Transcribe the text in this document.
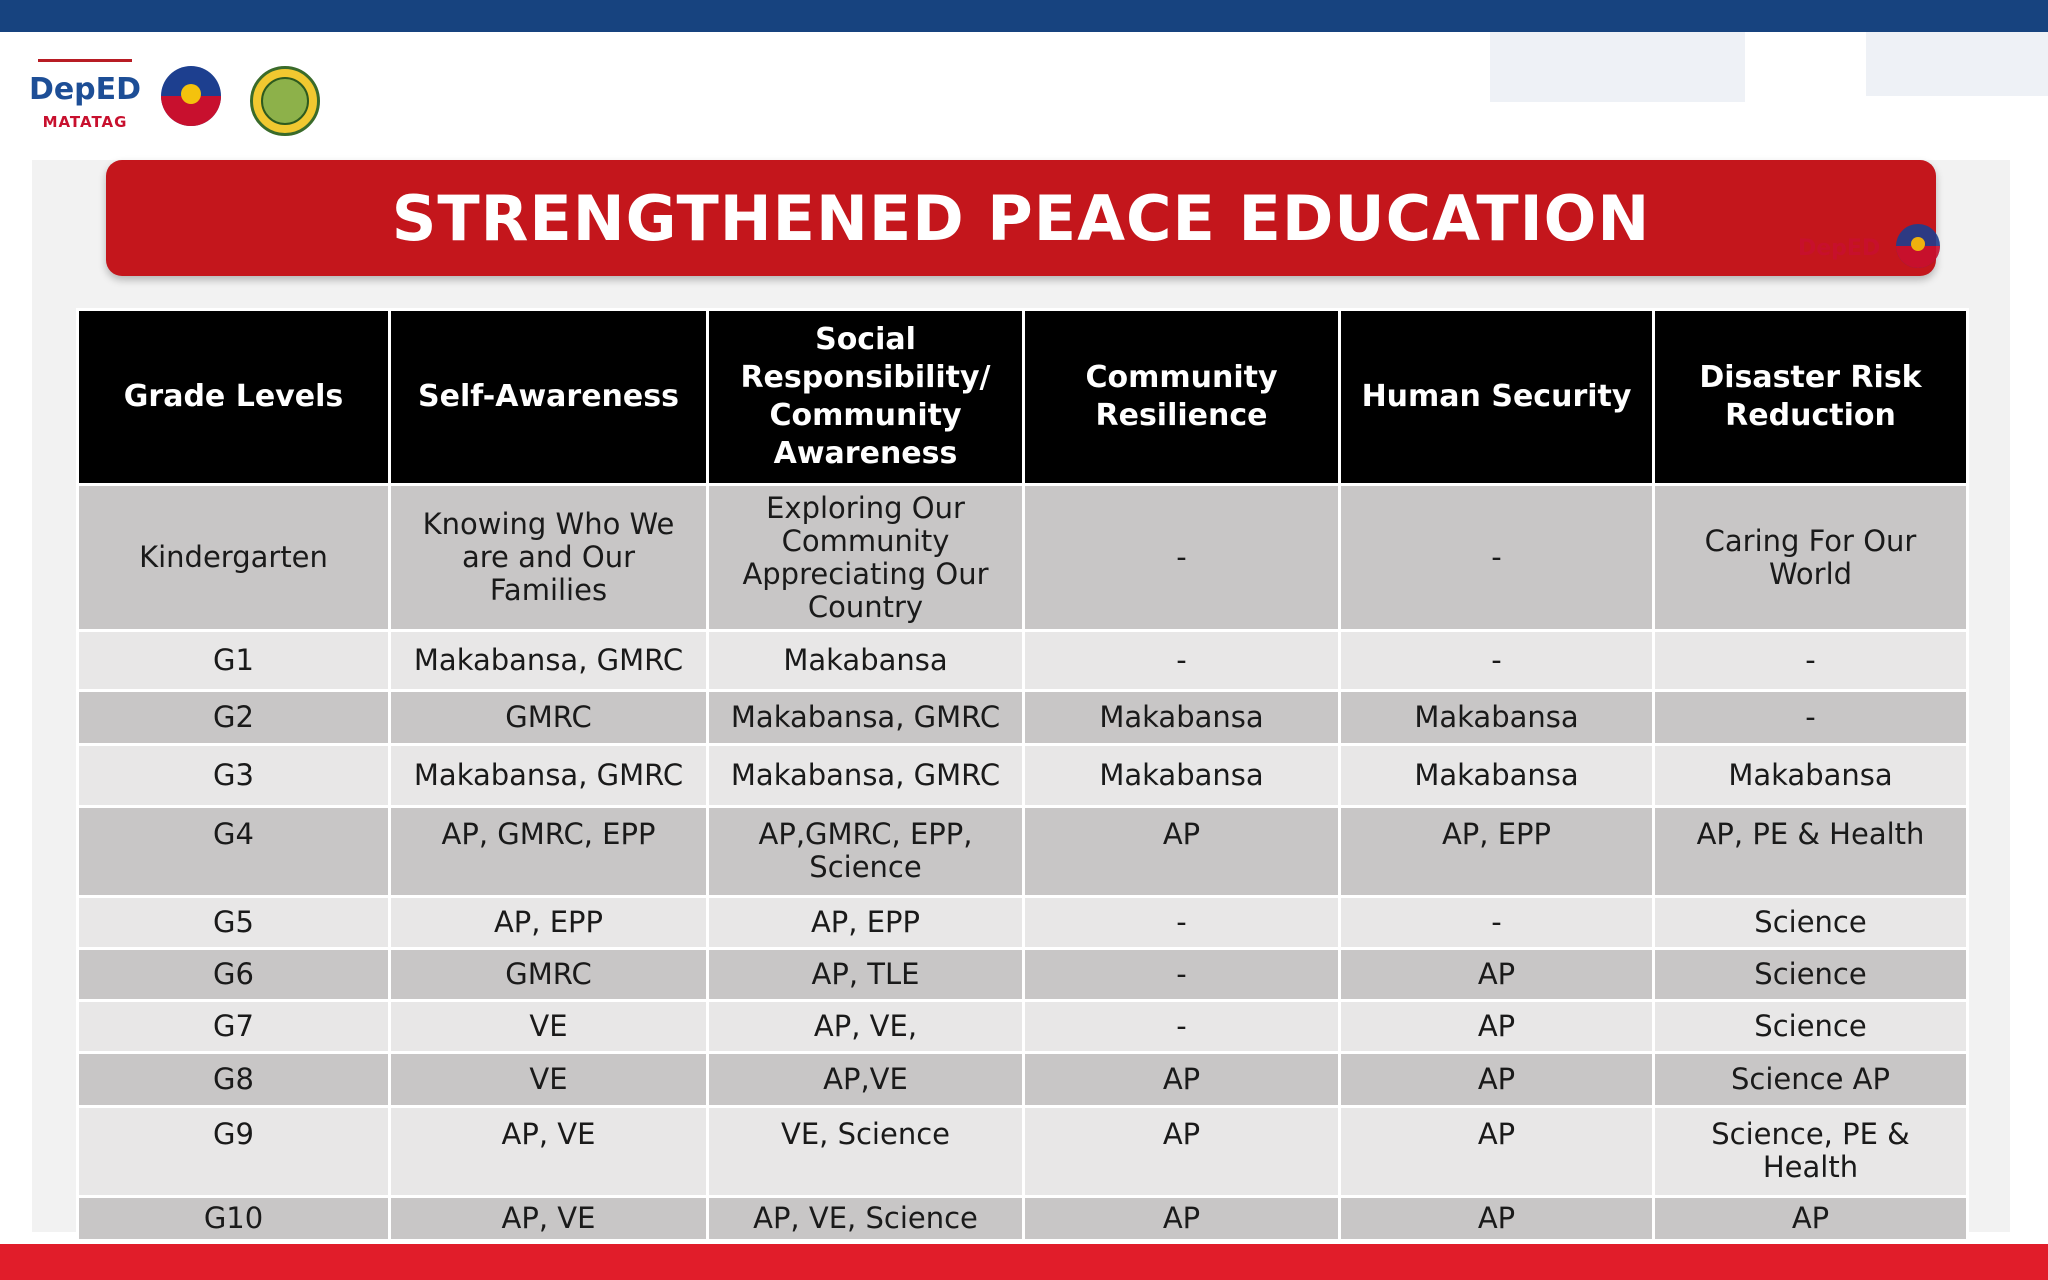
DepED
MATATAG
STRENGTHENED PEACE EDUCATION	DepED
Grade Levels	Self-Awareness	Social Responsibility/ Community Awareness	Community Resilience	Human Security	Disaster Risk Reduction
Kindergarten	Knowing Who We are and Our Families	Exploring Our Community Appreciating Our Country	-	-	Caring For Our World
G1	Makabansa, GMRC	Makabansa	-	-	-
G2	GMRC	Makabansa, GMRC	Makabansa	Makabansa	-
G3	Makabansa, GMRC	Makabansa, GMRC	Makabansa	Makabansa	Makabansa
G4	AP, GMRC, EPP	AP,GMRC, EPP, Science	AP	AP, EPP	AP, PE & Health
G5	AP, EPP	AP, EPP	-	-	Science
G6	GMRC	AP, TLE	-	AP	Science
G7	VE	AP, VE,	-	AP	Science
G8	VE	AP,VE	AP	AP	Science AP
G9	AP, VE	VE, Science	AP	AP	Science, PE & Health
G10	AP, VE	AP, VE, Science	AP	AP	AP
